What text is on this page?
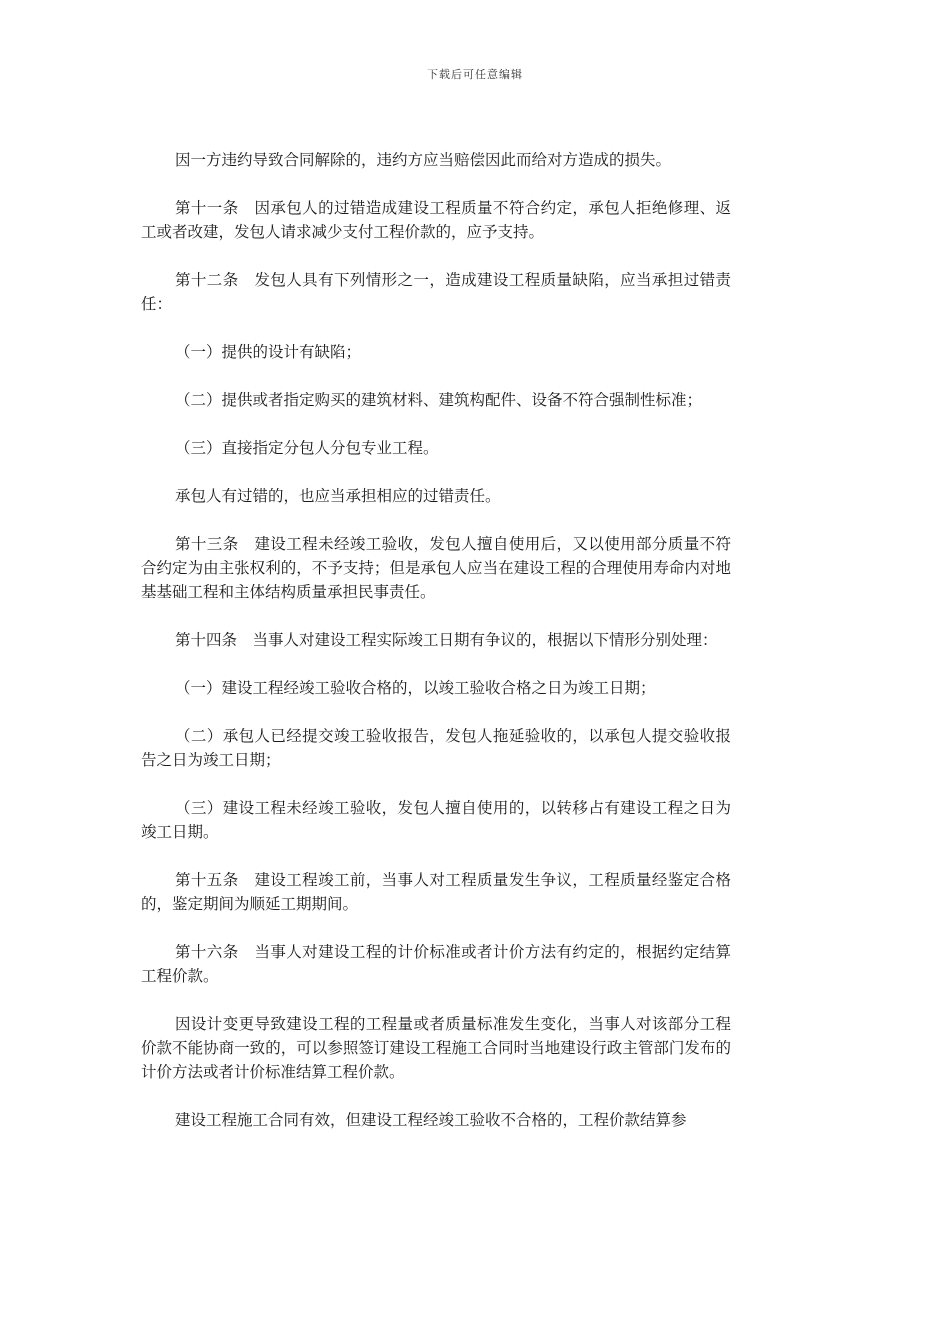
下载后可任意编辑

因一方违约导致合同解除的，违约方应当赔偿因此而给对方造成的损失。

第十一条　因承包人的过错造成建设工程质量不符合约定，承包人拒绝修理、返工或者改建，发包人请求减少支付工程价款的，应予支持。

第十二条　发包人具有下列情形之一，造成建设工程质量缺陷，应当承担过错责任：

（一）提供的设计有缺陷；

（二）提供或者指定购买的建筑材料、建筑构配件、设备不符合强制性标准；

（三）直接指定分包人分包专业工程。

承包人有过错的，也应当承担相应的过错责任。

第十三条　建设工程未经竣工验收，发包人擅自使用后，又以使用部分质量不符合约定为由主张权利的，不予支持；但是承包人应当在建设工程的合理使用寿命内对地基基础工程和主体结构质量承担民事责任。

第十四条　当事人对建设工程实际竣工日期有争议的，根据以下情形分别处理：

（一）建设工程经竣工验收合格的，以竣工验收合格之日为竣工日期；

（二）承包人已经提交竣工验收报告，发包人拖延验收的，以承包人提交验收报告之日为竣工日期；

（三）建设工程未经竣工验收，发包人擅自使用的，以转移占有建设工程之日为竣工日期。

第十五条　建设工程竣工前，当事人对工程质量发生争议，工程质量经鉴定合格的，鉴定期间为顺延工期期间。

第十六条　当事人对建设工程的计价标准或者计价方法有约定的，根据约定结算工程价款。

因设计变更导致建设工程的工程量或者质量标准发生变化，当事人对该部分工程价款不能协商一致的，可以参照签订建设工程施工合同时当地建设行政主管部门发布的计价方法或者计价标准结算工程价款。

建设工程施工合同有效，但建设工程经竣工验收不合格的，工程价款结算参
